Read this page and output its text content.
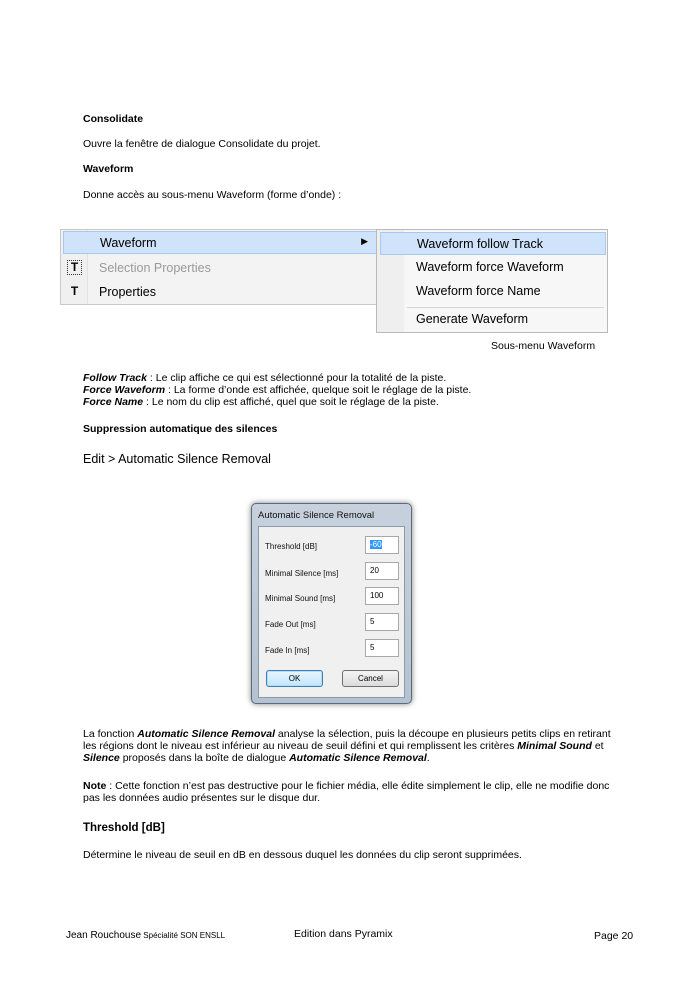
Consolidate
Ouvre la fenêtre de dialogue Consolidate du projet.
Waveform
Donne accès au sous-menu Waveform (forme d’onde) :
Waveform	▶
T	Selection Properties
T	Properties
Waveform follow Track
Waveform force Waveform
Waveform force Name
Generate Waveform
Sous-menu Waveform
Follow Track : Le clip affiche ce qui est sélectionné pour la totalité de la piste.
Force Waveform : La forme d’onde est affichée, quelque soit le réglage de la piste.
Force Name : Le nom du clip est affiché, quel que soit le réglage de la piste.
Suppression automatique des silences
Edit > Automatic Silence Removal
Automatic Silence Removal
Threshold [dB]	-60
Minimal Silence [ms]	20
Minimal Sound [ms]	100
Fade Out [ms]	5
Fade In [ms]	5
OK	Cancel

La fonction Automatic Silence Removal analyse la sélection, puis la découpe en plusieurs petits clips en retirant les régions dont le niveau est inférieur au niveau de seuil défini et qui remplissent les critères Minimal Sound et Silence proposés dans la boîte de dialogue Automatic Silence Removal.

Note : Cette fonction n’est pas destructive pour le fichier média, elle édite simplement le clip, elle ne modifie donc pas les données audio présentes sur le disque dur.

Threshold [dB]
Détermine le niveau de seuil en dB en dessous duquel les données du clip seront supprimées.
Jean Rouchouse Spécialité SON ENSLL	Edition dans Pyramix	Page 20
